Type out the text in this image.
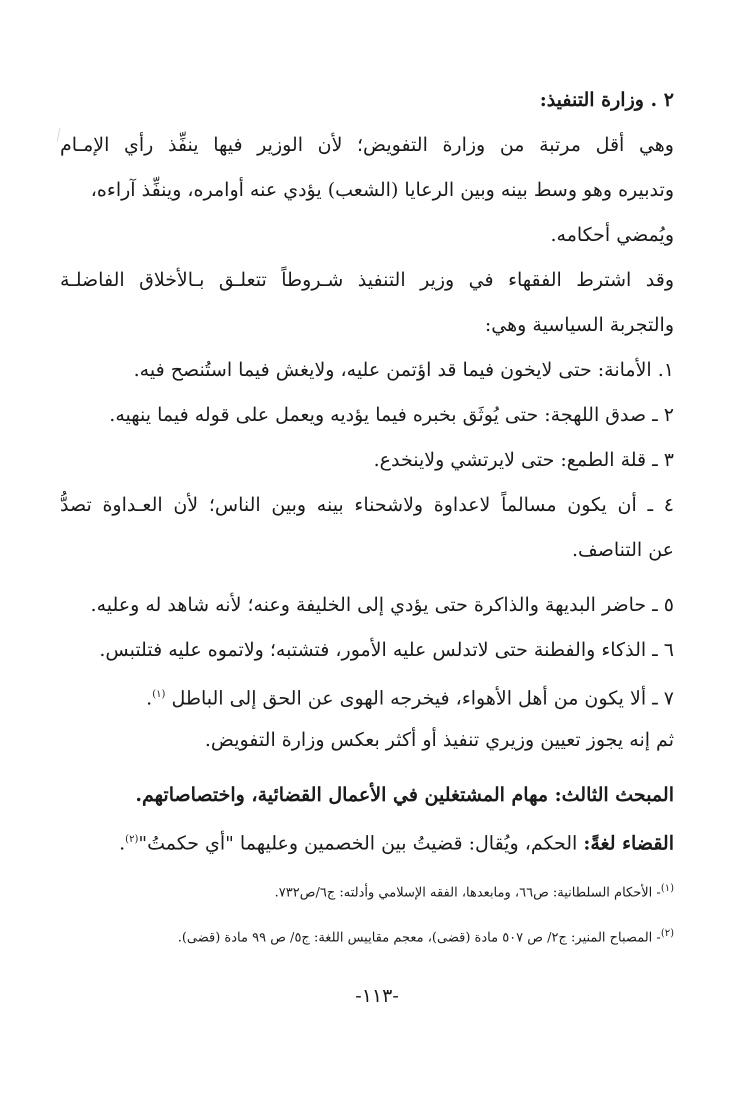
٢ . وزارة التنفيذ:
وهي أقل مرتبة من وزارة التفويض؛ لأن الوزير فيها ينفِّذ رأي الإمـام
وتدبيره وهو وسط بينه وبين الرعايا (الشعب) يؤدي عنه أوامره، وينفِّذ آراءه،
ويُمضي أحكامه.
وقد اشترط الفقهاء في وزير التنفيذ شـروطاً تتعلـق بـالأخلاق الفاضلـة
والتجربة السياسية وهي:
١. الأمانة: حتى لايخون فيما قد اؤتمن عليه، ولايغش فيما استُنصح فيه.
٢ ـ صدق اللهجة: حتى يُوثَق بخبره فيما يؤديه ويعمل على قوله فيما ينهيه.
٣ ـ قلة الطمع: حتى لايرتشي ولاينخدع.
٤ ـ أن يكون مسالماً لاعداوة ولاشحناء بينه وبين الناس؛ لأن العـداوة تصدُّ
عن التناصف.
٥ ـ حاضر البديهة والذاكرة حتى يؤدي إلى الخليفة وعنه؛ لأنه شاهد له وعليه.
٦ ـ الذكاء والفطنة حتى لاتدلس عليه الأمور، فتشتبه؛ ولاتموه عليه فتلتبس.
٧ ـ ألا يكون من أهل الأهواء، فيخرجه الهوى عن الحق إلى الباطل $^{(١)}$.
ثم إنه يجوز تعيين وزيري تنفيذ أو أكثر بعكس وزارة التفويض.
المبحث الثالث: مهام المشتغلين في الأعمال القضائية، واختصاصاتهم.
القضاء لغةً: الحكم، ويُقال: قضيتُ بين الخصمين وعليهما "أي حكمتُ"$^{(٢)}$.
$^{(١)}$- الأحكام السلطانية: ص٦٦، ومابعدها، الفقه الإسلامي وأدلته: ج٦/ص٧٣٢.
$^{(٢)}$- المصباح المنير: ج٢/ ص ٥٠٧ مادة (قضى)، معجم مقاييس اللغة: ج٥/ ص ٩٩ مادة (قضى).
-١١٣-
